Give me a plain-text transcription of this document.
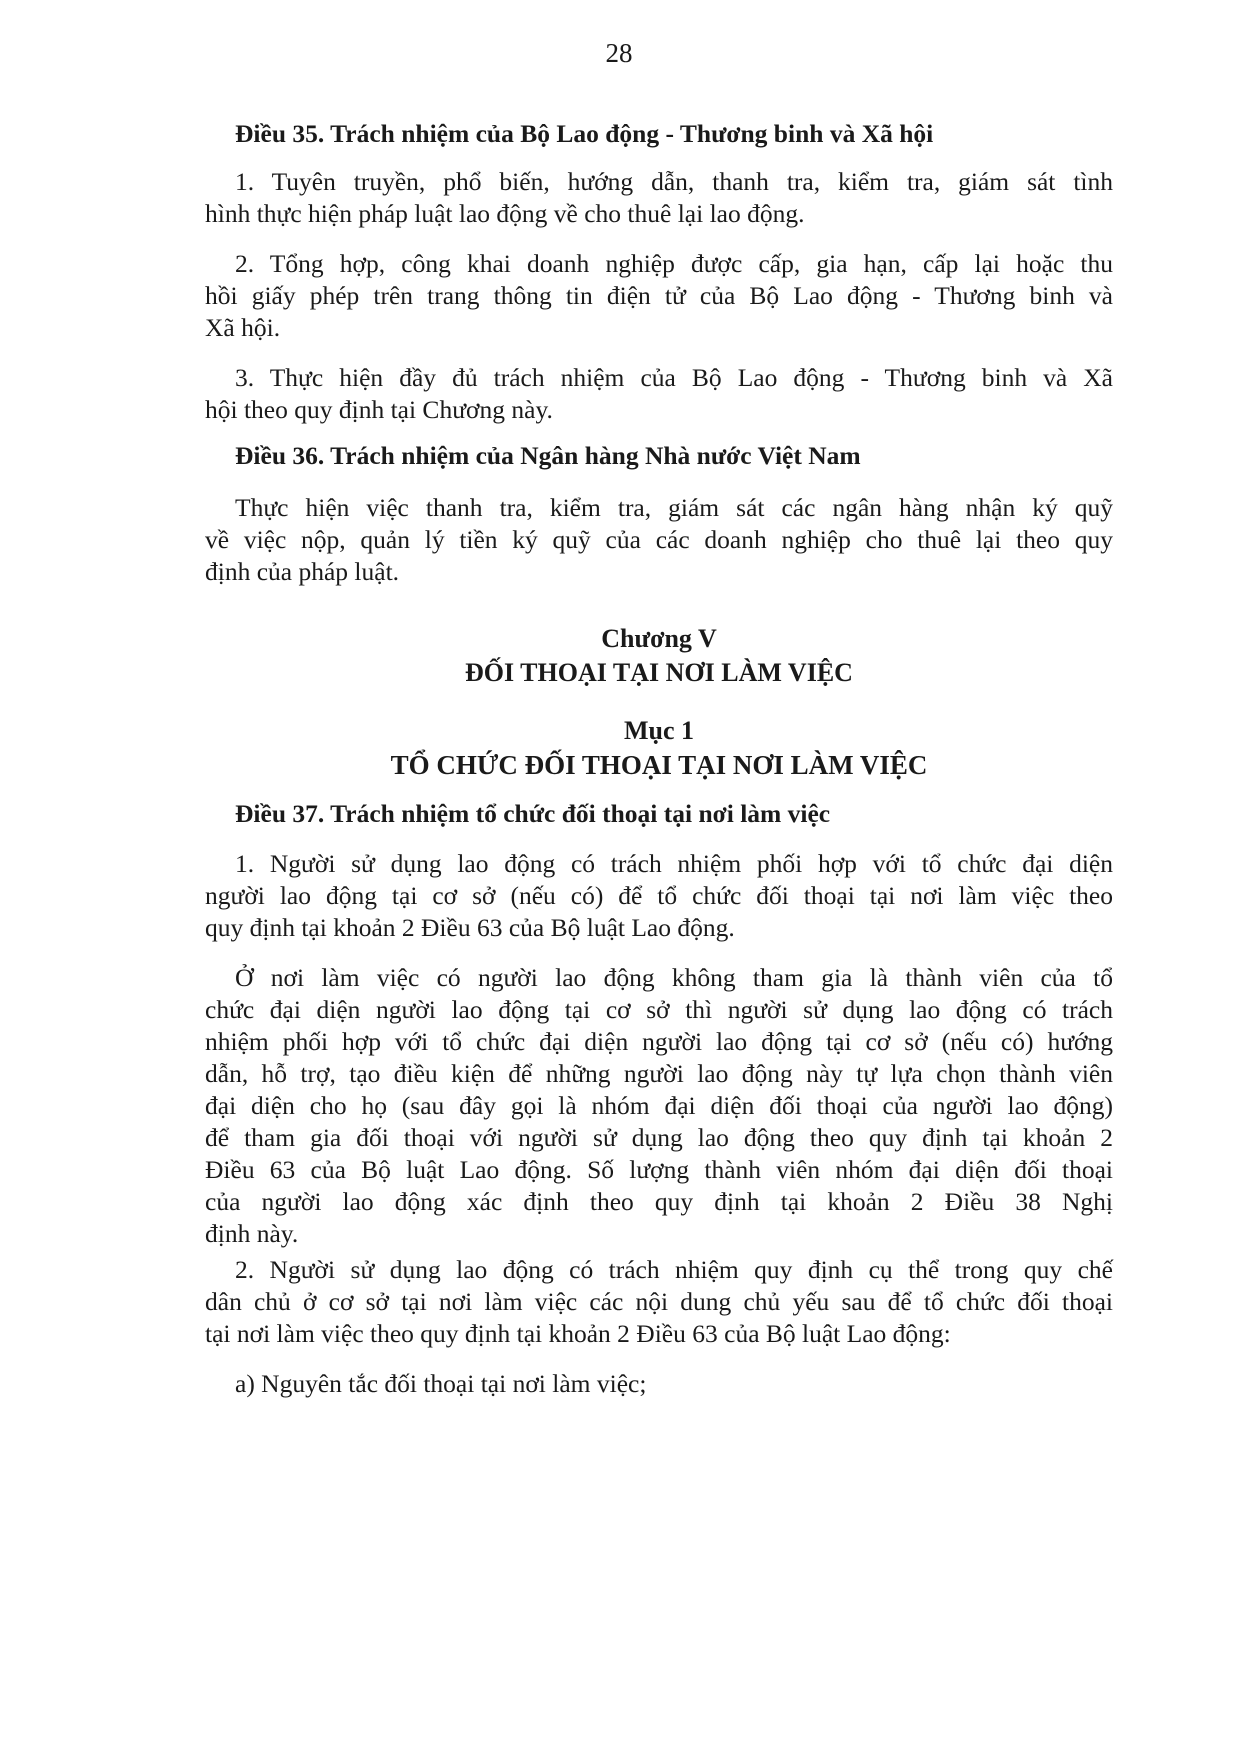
28
Điều 35. Trách nhiệm của Bộ Lao động - Thương binh và Xã hội
1. Tuyên truyền, phổ biến, hướng dẫn, thanh tra, kiểm tra, giám sát tình
hình thực hiện pháp luật lao động về cho thuê lại lao động.
2. Tổng hợp, công khai doanh nghiệp được cấp, gia hạn, cấp lại hoặc thu
hồi giấy phép trên trang thông tin điện tử của Bộ Lao động - Thương binh và
Xã hội.
3. Thực hiện đầy đủ trách nhiệm của Bộ Lao động - Thương binh và Xã
hội theo quy định tại Chương này.
Điều 36. Trách nhiệm của Ngân hàng Nhà nước Việt Nam
Thực hiện việc thanh tra, kiểm tra, giám sát các ngân hàng nhận ký quỹ
về việc nộp, quản lý tiền ký quỹ của các doanh nghiệp cho thuê lại theo quy
định của pháp luật.
Chương V
ĐỐI THOẠI TẠI NƠI LÀM VIỆC
Mục 1
TỔ CHỨC ĐỐI THOẠI TẠI NƠI LÀM VIỆC
Điều 37. Trách nhiệm tổ chức đối thoại tại nơi làm việc
1. Người sử dụng lao động có trách nhiệm phối hợp với tổ chức đại diện
người lao động tại cơ sở (nếu có) để tổ chức đối thoại tại nơi làm việc theo
quy định tại khoản 2 Điều 63 của Bộ luật Lao động.
Ở nơi làm việc có người lao động không tham gia là thành viên của tổ
chức đại diện người lao động tại cơ sở thì người sử dụng lao động có trách
nhiệm phối hợp với tổ chức đại diện người lao động tại cơ sở (nếu có) hướng
dẫn, hỗ trợ, tạo điều kiện để những người lao động này tự lựa chọn thành viên
đại diện cho họ (sau đây gọi là nhóm đại diện đối thoại của người lao động)
để tham gia đối thoại với người sử dụng lao động theo quy định tại khoản 2
Điều 63 của Bộ luật Lao động. Số lượng thành viên nhóm đại diện đối thoại
của người lao động xác định theo quy định tại khoản 2 Điều 38 Nghị
định này.
2. Người sử dụng lao động có trách nhiệm quy định cụ thể trong quy chế
dân chủ ở cơ sở tại nơi làm việc các nội dung chủ yếu sau để tổ chức đối thoại
tại nơi làm việc theo quy định tại khoản 2 Điều 63 của Bộ luật Lao động:
a) Nguyên tắc đối thoại tại nơi làm việc;
